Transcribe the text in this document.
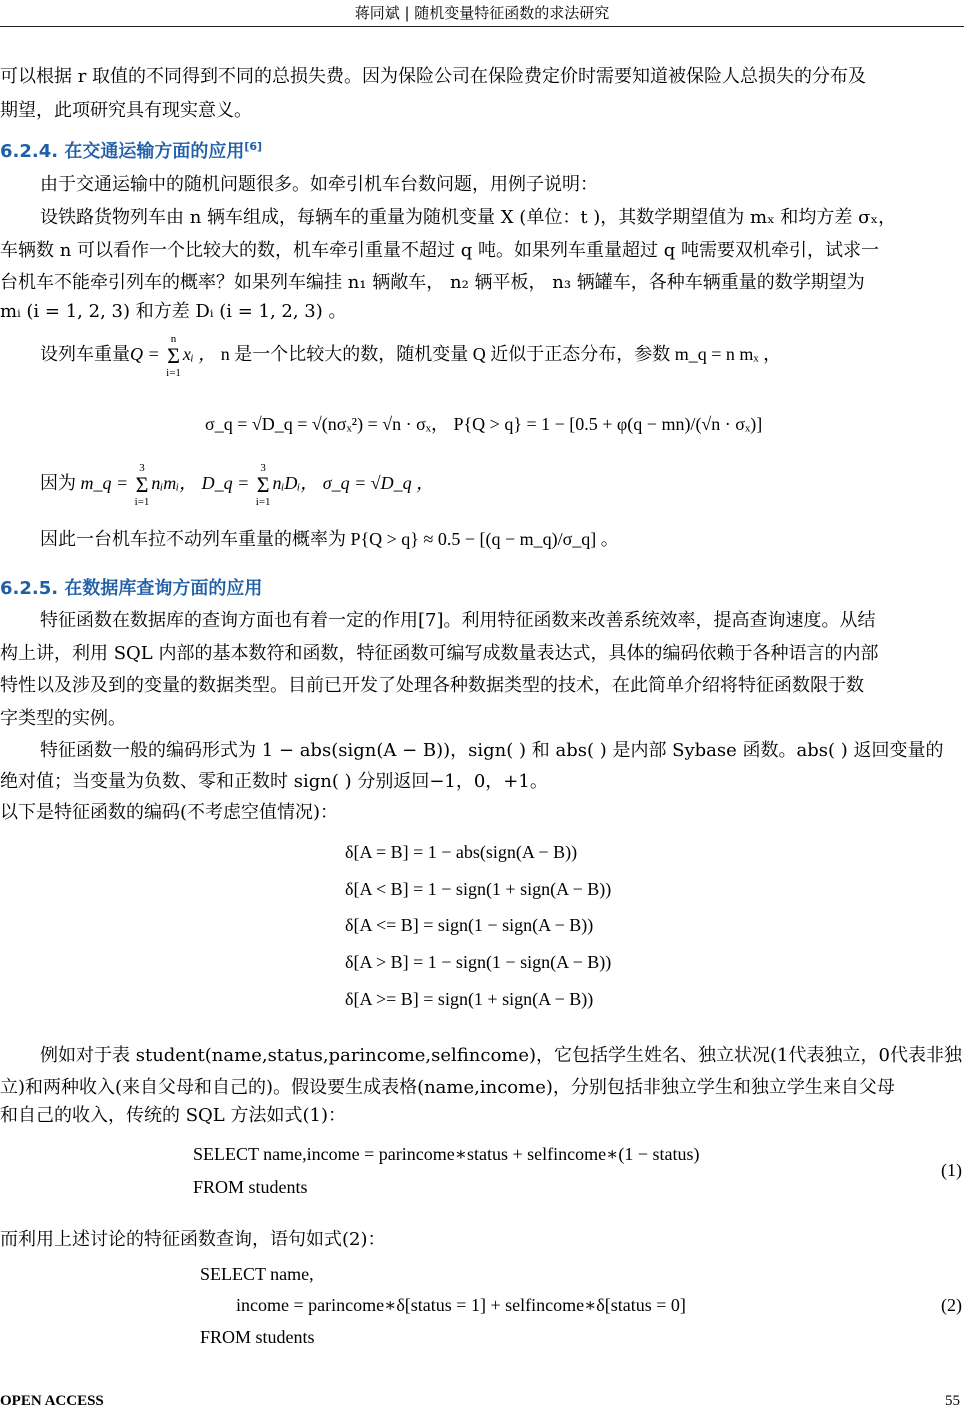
蒋同斌 | 随机变量特征函数的求法研究
可以根据 r 取值的不同得到不同的总损失费。因为保险公司在保险费定价时需要知道被保险人总损失的分布及
期望，此项研究具有现实意义。
6.2.4. 在交通运输方面的应用[6]
由于交通运输中的随机问题很多。如牵引机车台数问题，用例子说明：
设铁路货物列车由 n 辆车组成，每辆车的重量为随机变量 X (单位：t )，其数学期望值为 mₓ 和均方差 σₓ，
车辆数 n 可以看作一个比较大的数，机车牵引重量不超过 q 吨。如果列车重量超过 q 吨需要双机牵引，试求一
台机车不能牵引列车的概率？如果列车编挂 n₁ 辆敞车， n₂ 辆平板， n₃ 辆罐车，各种车辆重量的数学期望为
mᵢ (i = 1, 2, 3) 和方差 Dᵢ (i = 1, 2, 3) 。
设列车重量Q =
n
Σ
i=1
xᵢ ， n 是一个比较大的数，随机变量 Q 近似于正态分布，参数 m_q = n mₓ ，
σ_q = √D_q = √(nσₓ²) = √n · σₓ， P{Q > q} = 1 − [0.5 + φ(q − mn)/(√n · σₓ)]
因为 m_q =
3
Σ
i=1
nᵢmᵢ， D_q =
3
Σ
i=1
nᵢDᵢ， σ_q = √D_q ，
因此一台机车拉不动列车重量的概率为 P{Q > q} ≈ 0.5 − [(q − m_q)/σ_q] 。
6.2.5. 在数据库查询方面的应用
特征函数在数据库的查询方面也有着一定的作用[7]。利用特征函数来改善系统效率，提高查询速度。从结
构上讲，利用 SQL 内部的基本数符和函数，特征函数可编写成数量表达式，具体的编码依赖于各种语言的内部
特性以及涉及到的变量的数据类型。目前已开发了处理各种数据类型的技术，在此简单介绍将特征函数限于数
字类型的实例。
特征函数一般的编码形式为 1 − abs(sign(A − B))，sign( ) 和 abs( ) 是内部 Sybase 函数。abs( ) 返回变量的
绝对值；当变量为负数、零和正数时 sign( ) 分别返回−1，0，+1。
以下是特征函数的编码(不考虑空值情况)：
δ[A = B] = 1 − abs(sign(A − B))
δ[A < B] = 1 − sign(1 + sign(A − B))
δ[A <= B] = sign(1 − sign(A − B))
δ[A > B] = 1 − sign(1 − sign(A − B))
δ[A >= B] = sign(1 + sign(A − B))
例如对于表 student(name,status,parincome,selfincome)，它包括学生姓名、独立状况(1代表独立，0代表非独
立)和两种收入(来自父母和自己的)。假设要生成表格(name,income)，分别包括非独立学生和独立学生来自父母
和自己的收入，传统的 SQL 方法如式(1)：
SELECT name,income = parincome∗status + selfincome∗(1 − status)
(1)
FROM students
而利用上述讨论的特征函数查询，语句如式(2)：
SELECT name,
income = parincome∗δ[status = 1] + selfincome∗δ[status = 0]	(2)
FROM students
OPEN ACCESS	55
